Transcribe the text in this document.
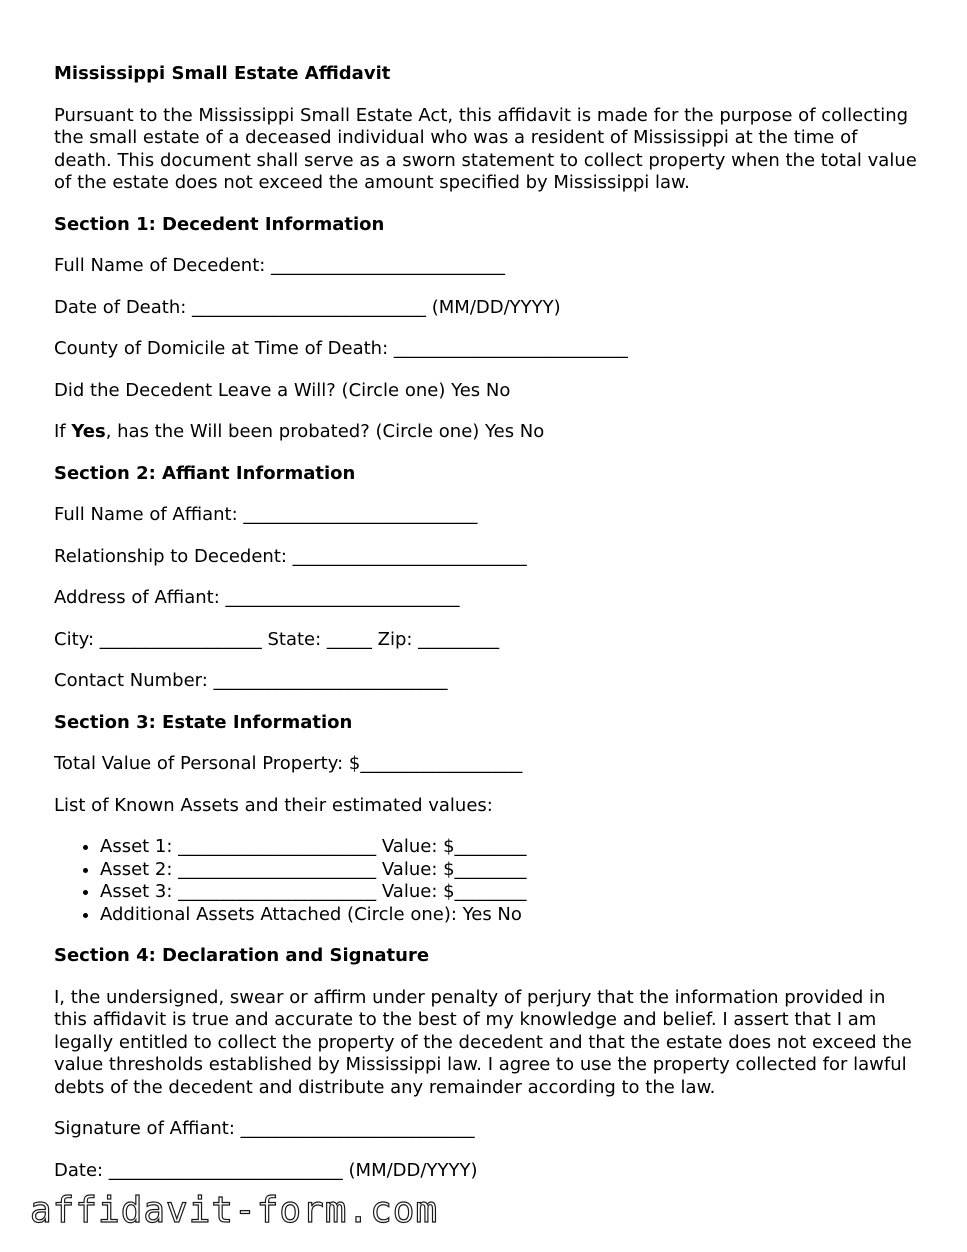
Mississippi Small Estate Affidavit
Pursuant to the Mississippi Small Estate Act, this affidavit is made for the purpose of collecting the small estate of a deceased individual who was a resident of Mississippi at the time of death. This document shall serve as a sworn statement to collect property when the total value of the estate does not exceed the amount specified by Mississippi law.
Section 1: Decedent Information
Full Name of Decedent: __________________________
Date of Death: __________________________ (MM/DD/YYYY)
County of Domicile at Time of Death: __________________________
Did the Decedent Leave a Will? (Circle one) Yes No
If Yes, has the Will been probated? (Circle one) Yes No
Section 2: Affiant Information
Full Name of Affiant: __________________________
Relationship to Decedent: __________________________
Address of Affiant: __________________________
City: __________________ State: _____ Zip: _________
Contact Number: __________________________
Section 3: Estate Information
Total Value of Personal Property: $__________________
List of Known Assets and their estimated values:
• Asset 1: ______________________ Value: $________
• Asset 2: ______________________ Value: $________
• Asset 3: ______________________ Value: $________
• Additional Assets Attached (Circle one): Yes No
Section 4: Declaration and Signature
I, the undersigned, swear or affirm under penalty of perjury that the information provided in this affidavit is true and accurate to the best of my knowledge and belief. I assert that I am legally entitled to collect the property of the decedent and that the estate does not exceed the value thresholds established by Mississippi law. I agree to use the property collected for lawful debts of the decedent and distribute any remainder according to the law.
Signature of Affiant: __________________________
Date: __________________________ (MM/DD/YYYY)
affidavit-form.com
